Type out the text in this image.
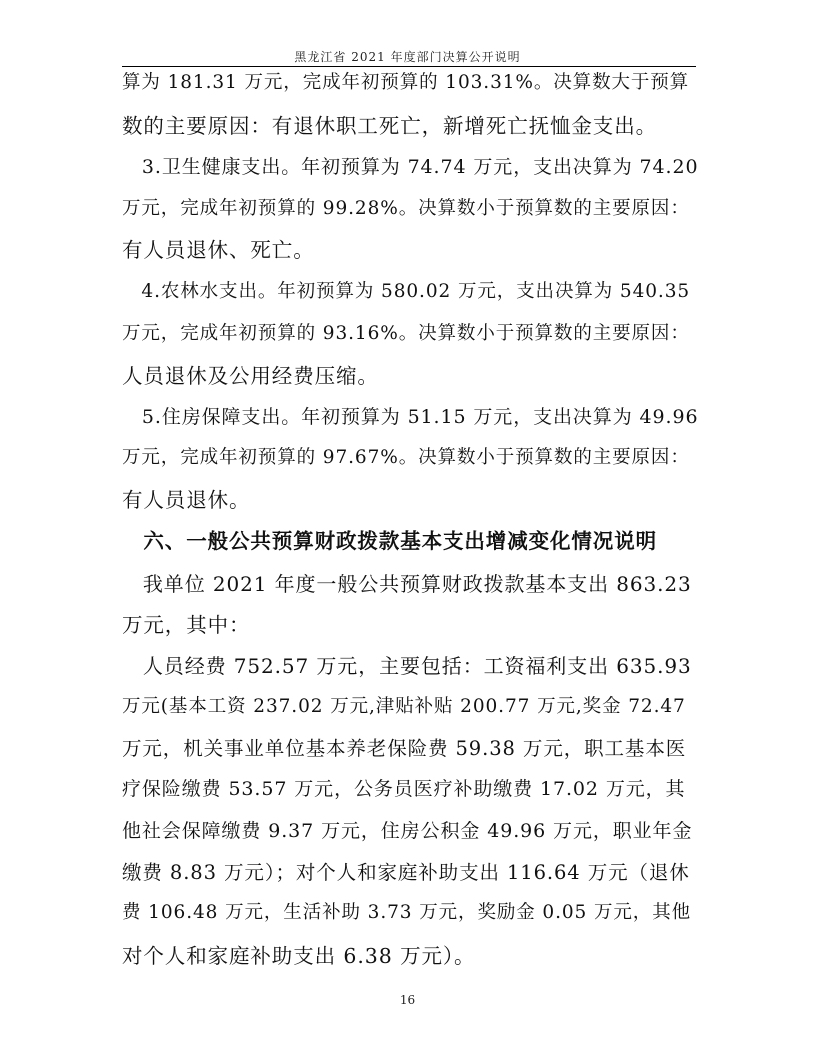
黑龙江省 2021 年度部门决算公开说明
算为 181.31 万元，完成年初预算的 103.31%。决算数大于预算
数的主要原因：有退休职工死亡，新增死亡抚恤金支出。
　3.卫生健康支出。年初预算为 74.74 万元，支出决算为 74.20
万元，完成年初预算的 99.28%。决算数小于预算数的主要原因：
有人员退休、死亡。
　4.农林水支出。年初预算为 580.02 万元，支出决算为 540.35
万元，完成年初预算的 93.16%。决算数小于预算数的主要原因：
人员退休及公用经费压缩。
　5.住房保障支出。年初预算为 51.15 万元，支出决算为 49.96
万元，完成年初预算的 97.67%。决算数小于预算数的主要原因：
有人员退休。
　六、一般公共预算财政拨款基本支出增减变化情况说明
　我单位 2021 年度一般公共预算财政拨款基本支出 863.23
万元，其中：
　人员经费 752.57 万元，主要包括：工资福利支出 635.93
万元(基本工资 237.02 万元,津贴补贴 200.77 万元,奖金 72.47
万元，机关事业单位基本养老保险费 59.38 万元，职工基本医
疗保险缴费 53.57 万元，公务员医疗补助缴费 17.02 万元，其
他社会保障缴费 9.37 万元，住房公积金 49.96 万元，职业年金
缴费 8.83 万元）；对个人和家庭补助支出 116.64 万元（退休
费 106.48 万元，生活补助 3.73 万元，奖励金 0.05 万元，其他
对个人和家庭补助支出 6.38 万元）。
16
